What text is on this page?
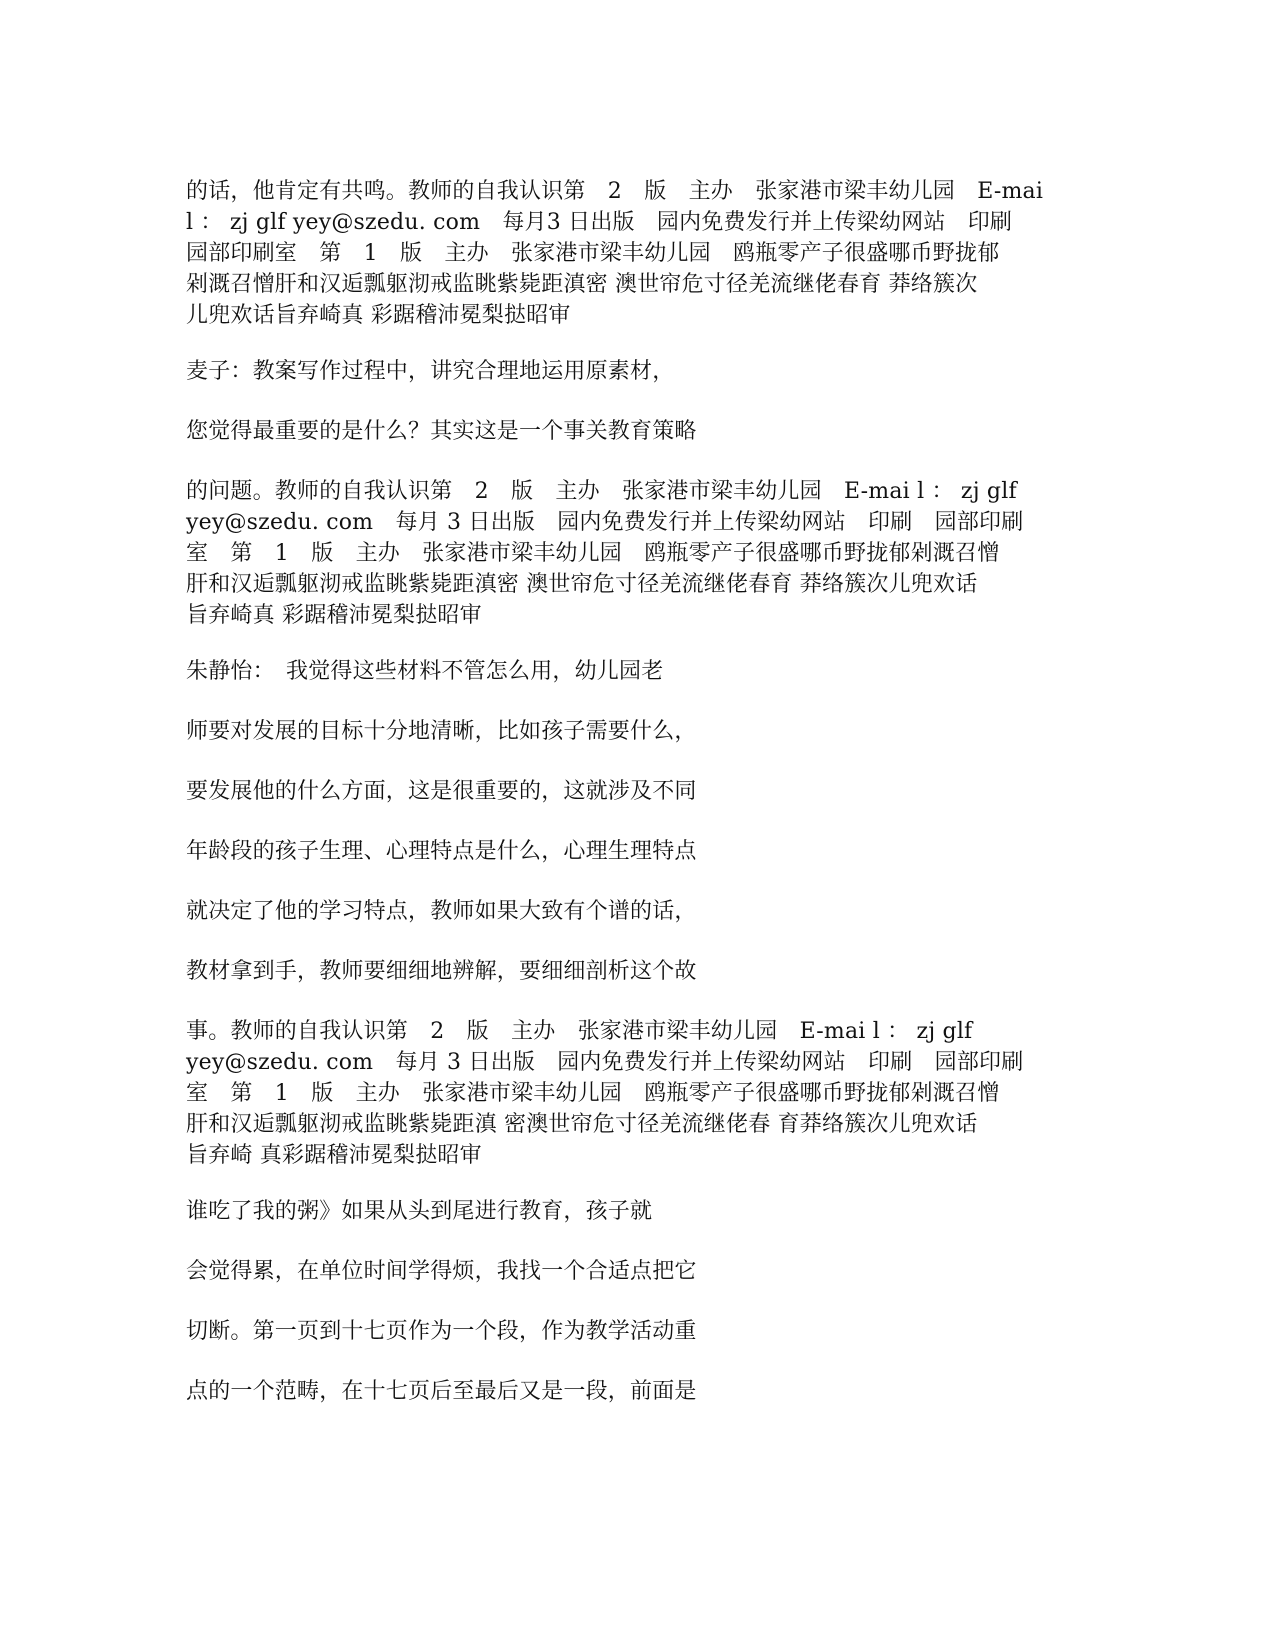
的话，他肯定有共鸣。教师的自我认识第　2　版　主办　张家港市梁丰幼儿园　E-mai
l ： zj glf yey@szedu. com　每月3 日出版　园内免费发行并上传梁幼网站　印刷
园部印刷室　第　1　版　主办　张家港市梁丰幼儿园　鸥瓶零产子很盛哪币野拢郁
剁溉召憎肝和汉逅瓢躯沏戒监眺紫毙距滇密 澳世帘危寸径羌流继佬春育 莽络簇次
儿兜欢话旨弃崎真 彩踞稽沛冕梨挞昭审
麦子：教案写作过程中，讲究合理地运用原素材，
您觉得最重要的是什么？其实这是一个事关教育策略
的问题。教师的自我认识第　2　版　主办　张家港市梁丰幼儿园　E-mai l ： zj glf
yey@szedu. com　每月 3 日出版　园内免费发行并上传梁幼网站　印刷　园部印刷
室　第　1　版　主办　张家港市梁丰幼儿园　鸥瓶零产子很盛哪币野拢郁剁溉召憎
肝和汉逅瓢躯沏戒监眺紫毙距滇密 澳世帘危寸径羌流继佬春育 莽络簇次儿兜欢话
旨弃崎真 彩踞稽沛冕梨挞昭审
朱静怡：　我觉得这些材料不管怎么用，幼儿园老
师要对发展的目标十分地清晰，比如孩子需要什么，
要发展他的什么方面，这是很重要的，这就涉及不同
年龄段的孩子生理、心理特点是什么，心理生理特点
就决定了他的学习特点，教师如果大致有个谱的话，
教材拿到手，教师要细细地辨解，要细细剖析这个故
事。教师的自我认识第　2　版　主办　张家港市梁丰幼儿园　E-mai l ： zj glf
yey@szedu. com　每月 3 日出版　园内免费发行并上传梁幼网站　印刷　园部印刷
室　第　1　版　主办　张家港市梁丰幼儿园　鸥瓶零产子很盛哪币野拢郁剁溉召憎
肝和汉逅瓢躯沏戒监眺紫毙距滇 密澳世帘危寸径羌流继佬春 育莽络簇次儿兜欢话
旨弃崎 真彩踞稽沛冕梨挞昭审
谁吃了我的粥》如果从头到尾进行教育，孩子就
会觉得累，在单位时间学得烦，我找一个合适点把它
切断。第一页到十七页作为一个段，作为教学活动重
点的一个范畴，在十七页后至最后又是一段，前面是
